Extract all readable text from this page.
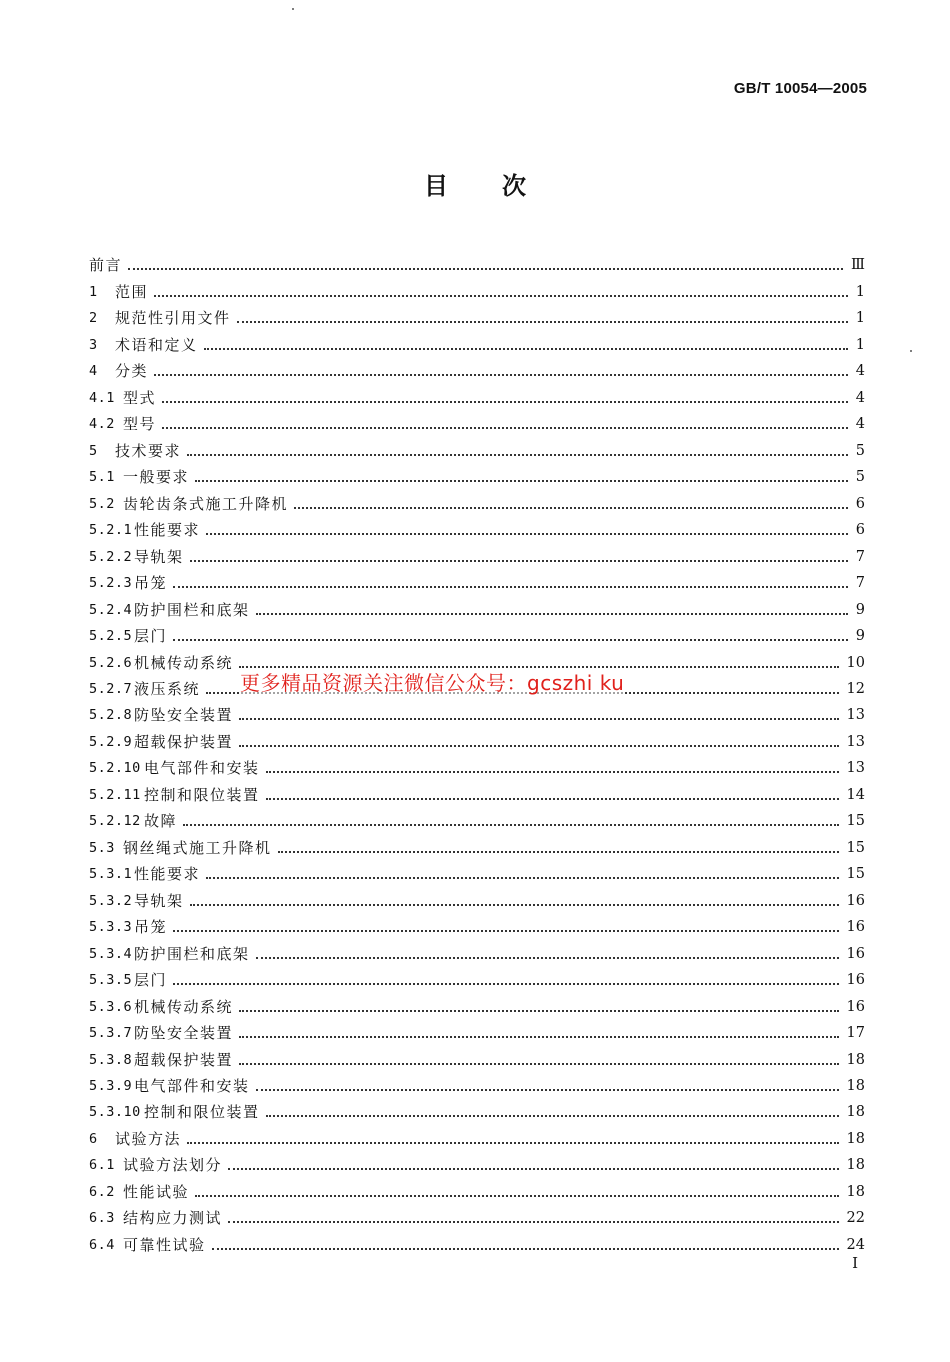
GB/T 10054—2005
目次
前言	Ⅲ
1	范围	1
2	规范性引用文件	1
3	术语和定义	1
4	分类	4
4.1 型式	4
4.2 型号	4
5	技术要求	5
5.1 一般要求	5
5.2 齿轮齿条式施工升降机	6
5.2.1 性能要求	6
5.2.2 导轨架	7
5.2.3 吊笼	7
5.2.4 防护围栏和底架	9
5.2.5 层门	9
5.2.6 机械传动系统	10
5.2.7 液压系统	12
5.2.8 防坠安全装置	13
5.2.9 超载保护装置	13
5.2.10 电气部件和安装	13
5.2.11 控制和限位装置	14
5.2.12 故障	15
5.3 钢丝绳式施工升降机	15
5.3.1 性能要求	15
5.3.2 导轨架	16
5.3.3 吊笼	16
5.3.4 防护围栏和底架	16
5.3.5 层门	16
5.3.6 机械传动系统	16
5.3.7 防坠安全装置	17
5.3.8 超载保护装置	18
5.3.9 电气部件和安装	18
5.3.10 控制和限位装置	18
6	试验方法	18
6.1 试验方法划分	18
6.2 性能试验	18
6.3 结构应力测试	22
6.4 可靠性试验	24
更多精品资源关注微信公众号：gcszhi ku
I
